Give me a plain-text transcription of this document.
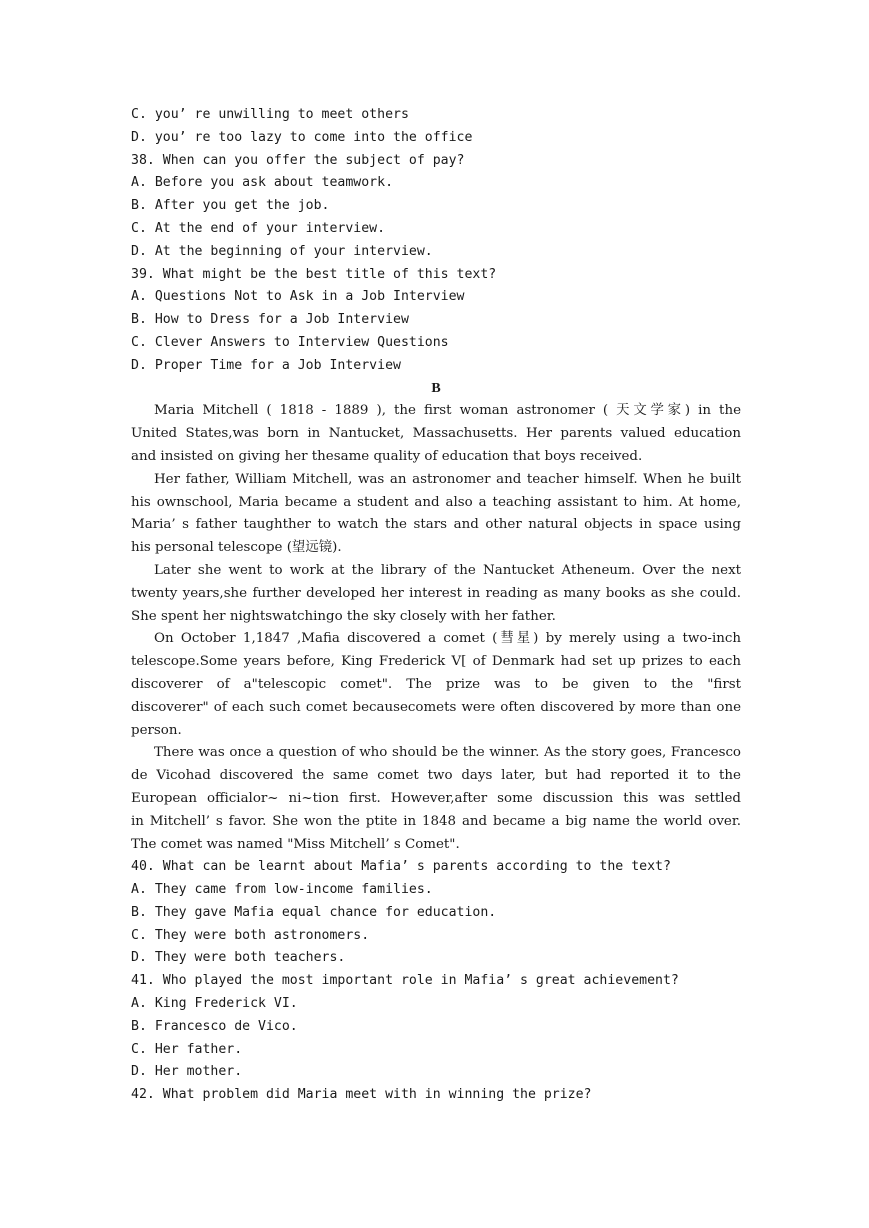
C. you’ re unwilling to meet others
D. you’ re too lazy to come into the office
38. When can you offer the subject of pay?
A. Before you ask about teamwork.
B. After you get the job.
C. At the end of your interview.
D. At the beginning of your interview.
39. What might be the best title of this text?
A. Questions Not to Ask in a Job Interview
B. How to Dress for a Job Interview
C. Clever Answers to Interview Questions
D. Proper Time for a Job Interview
B
Maria Mitchell ( 1818 - 1889 ), the first woman astronomer ( 天文学家) in the
United States,was born in Nantucket, Massachusetts. Her parents valued education
and insisted on giving her thesame quality of education that boys received.
Her father, William Mitchell, was an astronomer and teacher himself. When he built
his ownschool, Maria became a student and also a teaching assistant to him. At home,
Maria’ s father taughther to watch the stars and other natural objects in space using
his personal telescope (望远镜).
Later she went to work at the library of the Nantucket Atheneum. Over the next
twenty years,she further developed her interest in reading as many books as she could.
She spent her nightswatchingo the sky closely with her father.
On October 1,1847 ,Mafia discovered a comet (彗星) by merely using a two-inch
telescope.Some years before, King Frederick V[ of Denmark had set up prizes to each
discoverer of a"telescopic comet". The prize was to be given to the "first
discoverer" of each such comet becausecomets were often discovered by more than one
person.
There was once a question of who should be the winner. As the story goes, Francesco
de Vicohad discovered the same comet two days later, but had reported it to the
European officialor~ ni~tion first. However,after some discussion this was settled
in Mitchell’ s favor. She won the ptite in 1848 and became a big name the world over.
The comet was named "Miss Mitchell’ s Comet".
40. What can be learnt about Mafia’ s parents according to the text?
A. They came from low-income families.
B. They gave Mafia equal chance for education.
C. They were both astronomers.
D. They were both teachers.
41. Who played the most important role in Mafia’ s great achievement?
A. King Frederick VI.
B. Francesco de Vico.
C. Her father.
D. Her mother.
42. What problem did Maria meet with in winning the prize?
